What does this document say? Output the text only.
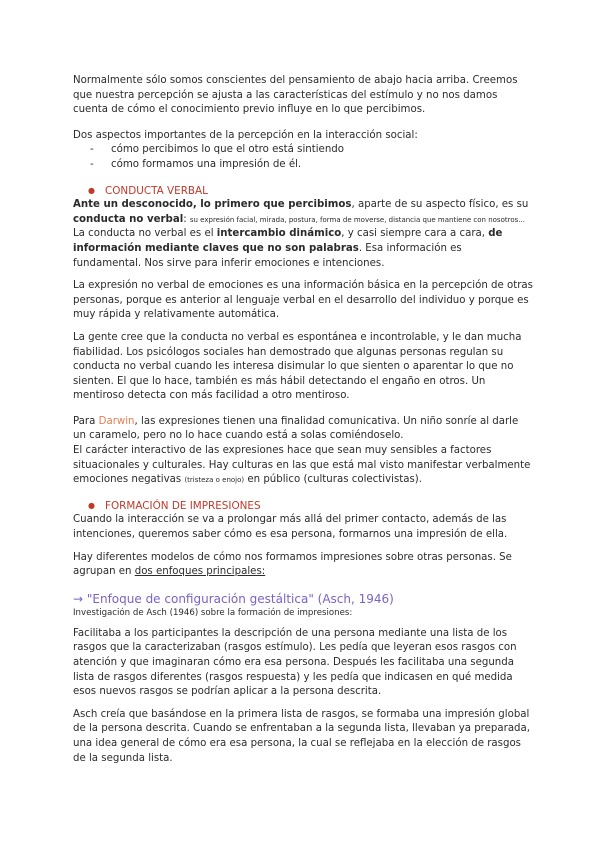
Normalmente sólo somos conscientes del pensamiento de abajo hacia arriba. Creemos que nuestra percepción se ajusta a las características del estímulo y no nos damos cuenta de cómo el conocimiento previo influye en lo que percibimos.

Dos aspectos importantes de la percepción en la interacción social:

- cómo percibimos lo que el otro está sintiendo
- cómo formamos una impresión de él.
● CONDUCTA VERBAL

Ante un desconocido, lo primero que percibimos, aparte de su aspecto físico, es su conducta no verbal: su expresión facial, mirada, postura, forma de moverse, distancia que mantiene con nosotros...

La conducta no verbal es el intercambio dinámico, y casi siempre cara a cara, de información mediante claves que no son palabras. Esa información es fundamental. Nos sirve para inferir emociones e intenciones.

La expresión no verbal de emociones es una información básica en la percepción de otras personas, porque es anterior al lenguaje verbal en el desarrollo del individuo y porque es muy rápida y relativamente automática.

La gente cree que la conducta no verbal es espontánea e incontrolable, y le dan mucha fiabilidad. Los psicólogos sociales han demostrado que algunas personas regulan su conducta no verbal cuando les interesa disimular lo que sienten o aparentar lo que no sienten. El que lo hace, también es más hábil detectando el engaño en otros. Un mentiroso detecta con más facilidad a otro mentiroso.

Para Darwin, las expresiones tienen una finalidad comunicativa. Un niño sonríe al darle un caramelo, pero no lo hace cuando está a solas comiéndoselo.

El carácter interactivo de las expresiones hace que sean muy sensibles a factores situacionales y culturales. Hay culturas en las que está mal visto manifestar verbalmente emociones negativas (tristeza o enojo) en público (culturas colectivistas).

● FORMACIÓN DE IMPRESIONES

Cuando la interacción se va a prolongar más allá del primer contacto, además de las intenciones, queremos saber cómo es esa persona, formarnos una impresión de ella.

Hay diferentes modelos de cómo nos formamos impresiones sobre otras personas. Se agrupan en dos enfoques principales:

→ "Enfoque de configuración gestáltica" (Asch, 1946)

Investigación de Asch (1946) sobre la formación de impresiones:

Facilitaba a los participantes la descripción de una persona mediante una lista de los rasgos que la caracterizaban (rasgos estímulo). Les pedía que leyeran esos rasgos con atención y que imaginaran cómo era esa persona. Después les facilitaba una segunda lista de rasgos diferentes (rasgos respuesta) y les pedía que indicasen en qué medida esos nuevos rasgos se podrían aplicar a la persona descrita.

Asch creía que basándose en la primera lista de rasgos, se formaba una impresión global de la persona descrita. Cuando se enfrentaban a la segunda lista, llevaban ya preparada, una idea general de cómo era esa persona, la cual se reflejaba en la elección de rasgos de la segunda lista.
